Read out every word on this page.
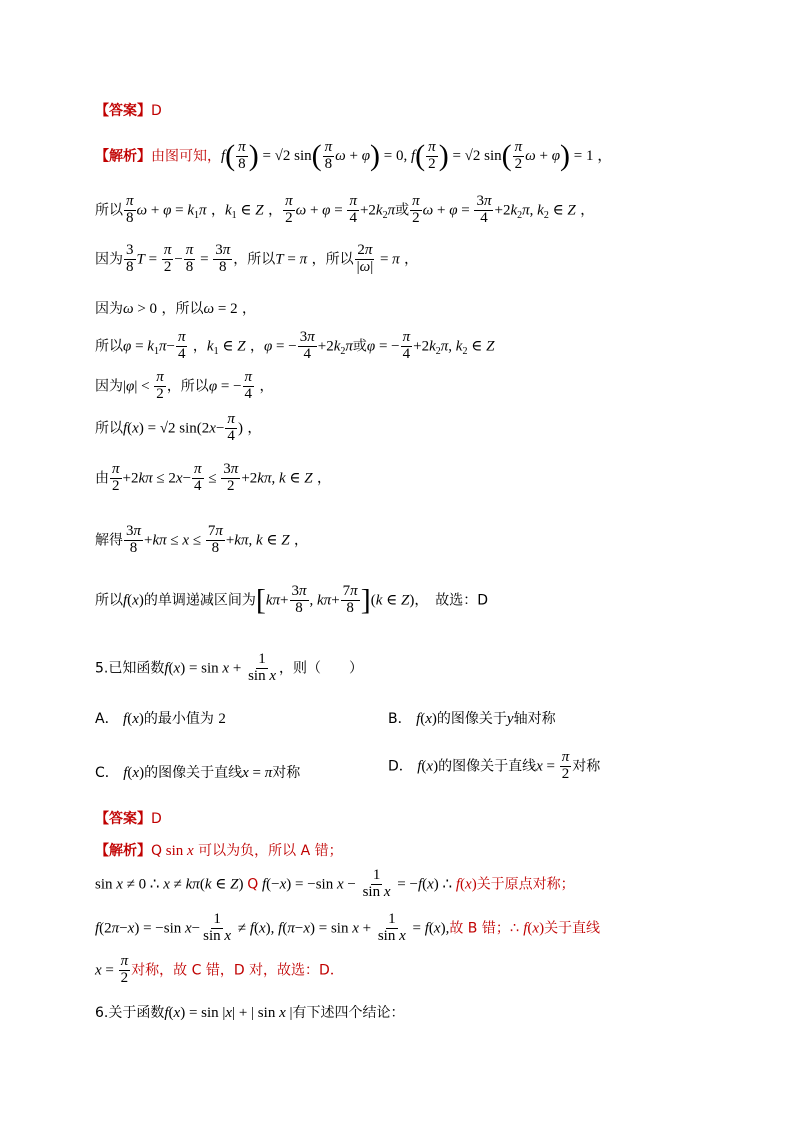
【答案】D
【解析】由图可知，$f( \frac{\pi}{8}$ ) = √2 $\sin( \frac{\pi}{8}$ ω + φ) = 0, $f( \frac{\pi}{2}$ ) = √2 $\sin( \frac{\pi}{2}$ ω + φ) = 1 ，
所以 $\frac{\pi}{8}$ $\omega + \varphi = k_1\pi$ ，$k_1$ ∈ Z ， $\frac{\pi}{2}$ $\omega + \varphi = \frac{\pi}{4} +2k_2\pi$或 $\frac{\pi}{2}$ $\omega + \varphi = \frac{3\pi}{4} +2k_2\pi$, $k_2$ ∈ Z ，
因为 $\frac{3}{8}$ $T = \frac{\pi}{2} - \frac{\pi}{8} = \frac{3\pi}{8}$ ，所以T = π ，所以 $\frac{2\pi}{|\omega|} = \pi$ ，
因为ω > 0 ，所以ω = 2 ，
所以$\varphi = k_1\pi- \frac{\pi}{4}$ ，$k_1$ ∈ Z ，φ = − $\frac{3\pi}{4} +2k_2\pi$或φ = − $\frac{\pi}{4} +2k_2\pi$, $k_2$ ∈ Z
因为$|\varphi| < \frac{\pi}{2}$ ，所以φ = − $\frac{\pi}{4}$ ，
所以f(x) = √2 $\sin(2x- \frac{\pi}{4}$ ) ，
由 $\frac{\pi}{2} +2k\pi \le 2x- \frac{\pi}{4} \le \frac{3\pi}{2} +2k\pi$, k ∈ Z ，
解得 $\frac{3\pi}{8} +k\pi \le x \le \frac{7\pi}{8} +k\pi$, k ∈ Z ，
所以f(x)的单调递减区间为[$k\pi+ \frac{3\pi}{8}$ , $k\pi+ \frac{7\pi}{8} ](k$ ∈ Z)，　故选：D
5.已知函数$f(x) = \sin x + \frac{1}{\text{sin x}}$ ，则（　　）
A． f(x)的最小值为 2	B． f(x)的图像关于y轴对称
C． f(x)的图像关于直线x = π对称	D． f(x)的图像关于直线$x = \frac{\pi}{2}$ 对称
【答案】D
【解析】Q sin x 可以为负，所以 A 错；
sin x ≠ 0 ∴ x ≠ kπ(k ∈ Z) Q f(−x) = −sin $x - \frac{1}{\text{sin x}} = -f(x)$ ∴ f(x)关于原点对称；
f(2π−x) = −sin $x- \frac{1}{\text{sin x}} \ne f(x)$, $f(\pi-x) = \sin x + \frac{1}{\text{sin x}} = f(x)$,故 B 错；∴ f(x)关于直线
$x = \frac{\pi}{2}$ 对称，故 C 错，D 对，故选：D．
6.关于函数f(x) = sin |x| + | sin x |有下述四个结论：
